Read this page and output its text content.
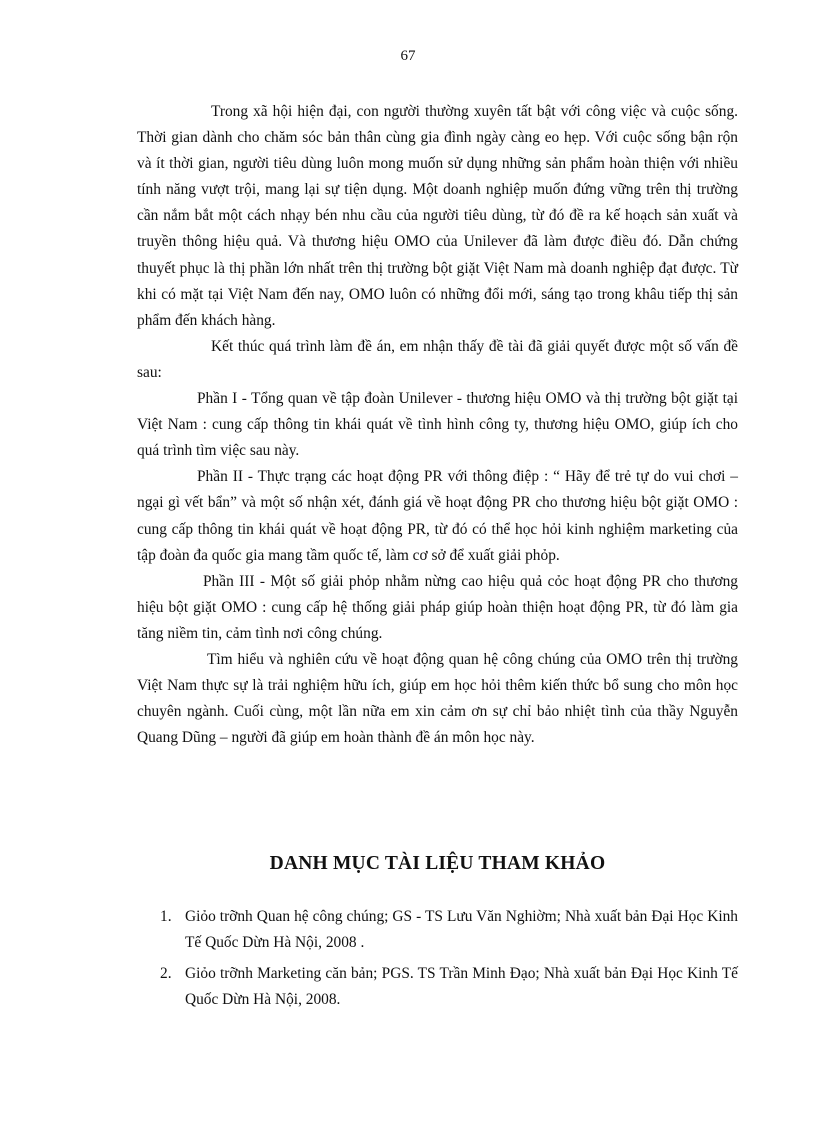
67

Trong xã hội hiện đại, con người thường xuyên tất bật với công việc và cuộc sống. Thời gian dành cho chăm sóc bản thân cùng gia đình ngày càng eo hẹp. Với cuộc sống bận rộn và ít thời gian, người tiêu dùng luôn mong muốn sử dụng những sản phẩm hoàn thiện với nhiều tính năng vượt trội, mang lại sự tiện dụng. Một doanh nghiệp muốn đứng vững trên thị trường cần nắm bắt một cách nhạy bén nhu cầu của người tiêu dùng, từ đó đề ra kế hoạch sản xuất và truyền thông hiệu quả. Và thương hiệu OMO của Unilever đã làm được điều đó. Dẫn chứng thuyết phục là thị phần lớn nhất trên thị trường bột giặt Việt Nam mà doanh nghiệp đạt được. Từ khi có mặt tại Việt Nam đến nay, OMO luôn có những đổi mới, sáng tạo trong khâu tiếp thị sản phẩm đến khách hàng.

Kết thúc quá trình làm đề án, em nhận thấy đề tài đã giải quyết được một số vấn đề sau:

Phần I - Tổng quan về tập đoàn Unilever - thương hiệu OMO và thị trường bột giặt tại Việt Nam : cung cấp thông tin khái quát về tình hình công ty, thương hiệu OMO, giúp ích cho quá trình tìm việc sau này.

Phần II - Thực trạng các hoạt động PR với thông điệp : “ Hãy để trẻ tự do vui chơi – ngại gì vết bẩn” và một số nhận xét, đánh giá về hoạt động PR cho thương hiệu bột giặt OMO : cung cấp thông tin khái quát về hoạt động PR, từ đó có thể học hỏi kinh nghiệm marketing của tập đoàn đa quốc gia mang tầm quốc tế, làm cơ sở để xuất giải phỏp.

Phần III - Một số giải phỏp nhằm nừng cao hiệu quả cỏc hoạt động PR cho thương hiệu bột giặt OMO : cung cấp hệ thống giải pháp giúp hoàn thiện hoạt động PR, từ đó làm gia tăng niềm tin, cảm tình nơi công chúng.

Tìm hiểu và nghiên cứu về hoạt động quan hệ công chúng của OMO trên thị trường Việt Nam thực sự là trải nghiệm hữu ích, giúp em học hỏi thêm kiến thức bổ sung cho môn học chuyên ngành. Cuối cùng, một lần nữa em xin cảm ơn sự chỉ bảo nhiệt tình của thầy Nguyễn Quang Dũng – người đã giúp em hoàn thành đề án môn học này.

DANH MỤC TÀI LIỆU THAM KHẢO
1. Giỏo trỡnh Quan hệ công chúng; GS - TS Lưu Văn Nghiờm; Nhà xuất bản Đại Học Kinh Tế Quốc Dừn Hà Nội, 2008 .
2. Giỏo trỡnh Marketing căn bản; PGS. TS Trần Minh Đạo; Nhà xuất bản Đại Học Kinh Tế Quốc Dừn Hà Nội, 2008.
